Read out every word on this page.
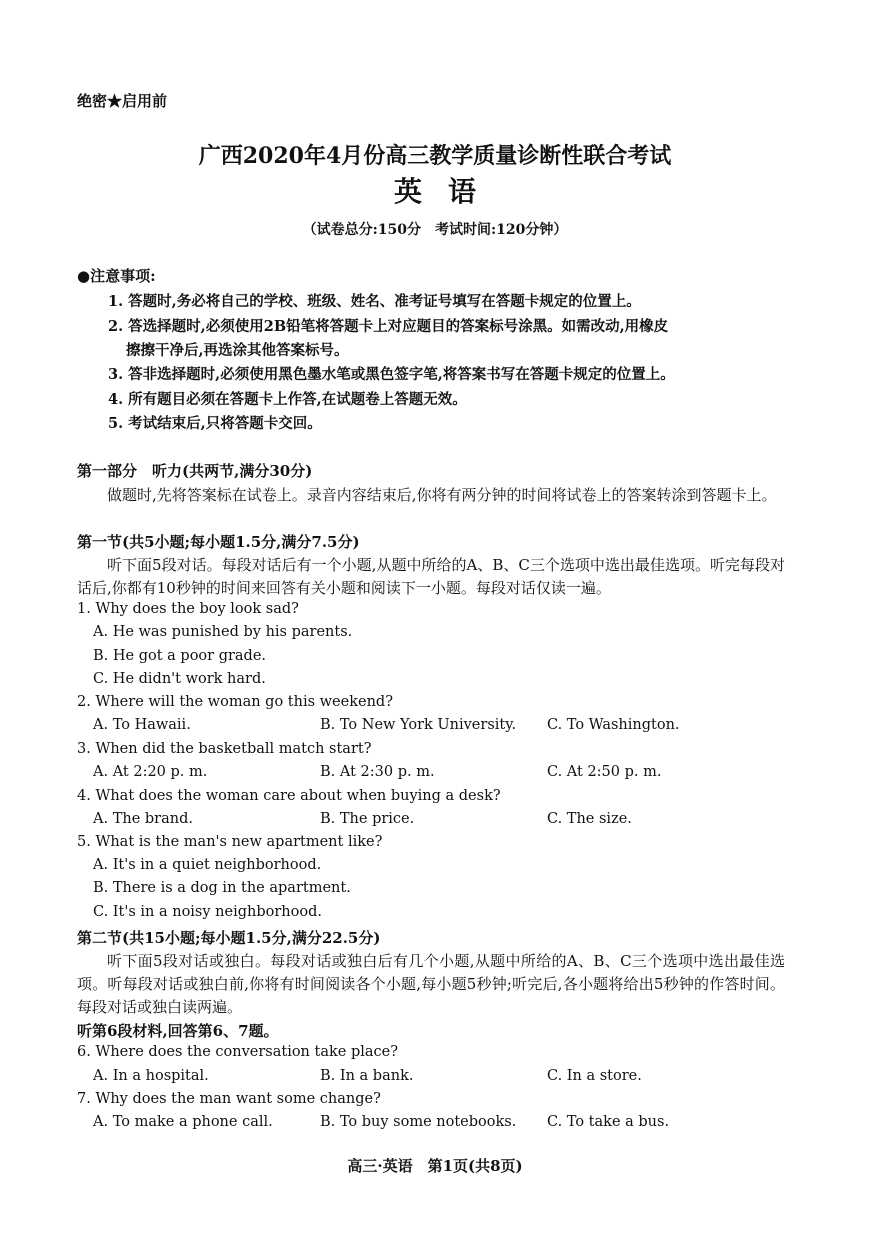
绝密★启用前
广西2020年4月份高三教学质量诊断性联合考试
英语
（试卷总分:150分　考试时间:120分钟）
●注意事项:
1. 答题时,务必将自己的学校、班级、姓名、准考证号填写在答题卡规定的位置上。
2. 答选择题时,必须使用2B铅笔将答题卡上对应题目的答案标号涂黑。如需改动,用橡皮
擦擦干净后,再选涂其他答案标号。
3. 答非选择题时,必须使用黑色墨水笔或黑色签字笔,将答案书写在答题卡规定的位置上。
4. 所有题目必须在答题卡上作答,在试题卷上答题无效。
5. 考试结束后,只将答题卡交回。
第一部分　听力(共两节,满分30分)
做题时,先将答案标在试卷上。录音内容结束后,你将有两分钟的时间将试卷上的答案转涂到答题卡上。
第一节(共5小题;每小题1.5分,满分7.5分)
听下面5段对话。每段对话后有一个小题,从题中所给的A、B、C三个选项中选出最佳选项。听完每段对话后,你都有10秒钟的时间来回答有关小题和阅读下一小题。每段对话仅读一遍。
1. Why does the boy look sad?
A. He was punished by his parents.
B. He got a poor grade.
C. He didn't work hard.
2. Where will the woman go this weekend?
A. To Hawaii.	B. To New York University. C. To Washington.
3. When did the basketball match start?
A. At 2:20 p. m.	B. At 2:30 p. m.	C. At 2:50 p. m.
4. What does the woman care about when buying a desk?
A. The brand.	B. The price.	C. The size.
5. What is the man's new apartment like?
A. It's in a quiet neighborhood.
B. There is a dog in the apartment.
C. It's in a noisy neighborhood.
第二节(共15小题;每小题1.5分,满分22.5分)
听下面5段对话或独白。每段对话或独白后有几个小题,从题中所给的A、B、C三个选项中选出最佳选项。听每段对话或独白前,你将有时间阅读各个小题,每小题5秒钟;听完后,各小题将给出5秒钟的作答时间。每段对话或独白读两遍。
听第6段材料,回答第6、7题。
6. Where does the conversation take place?
A. In a hospital.	B. In a bank.	C. In a store.
7. Why does the man want some change?
A. To make a phone call.	B. To buy some notebooks. C. To take a bus.
高三·英语　第1页(共8页)
